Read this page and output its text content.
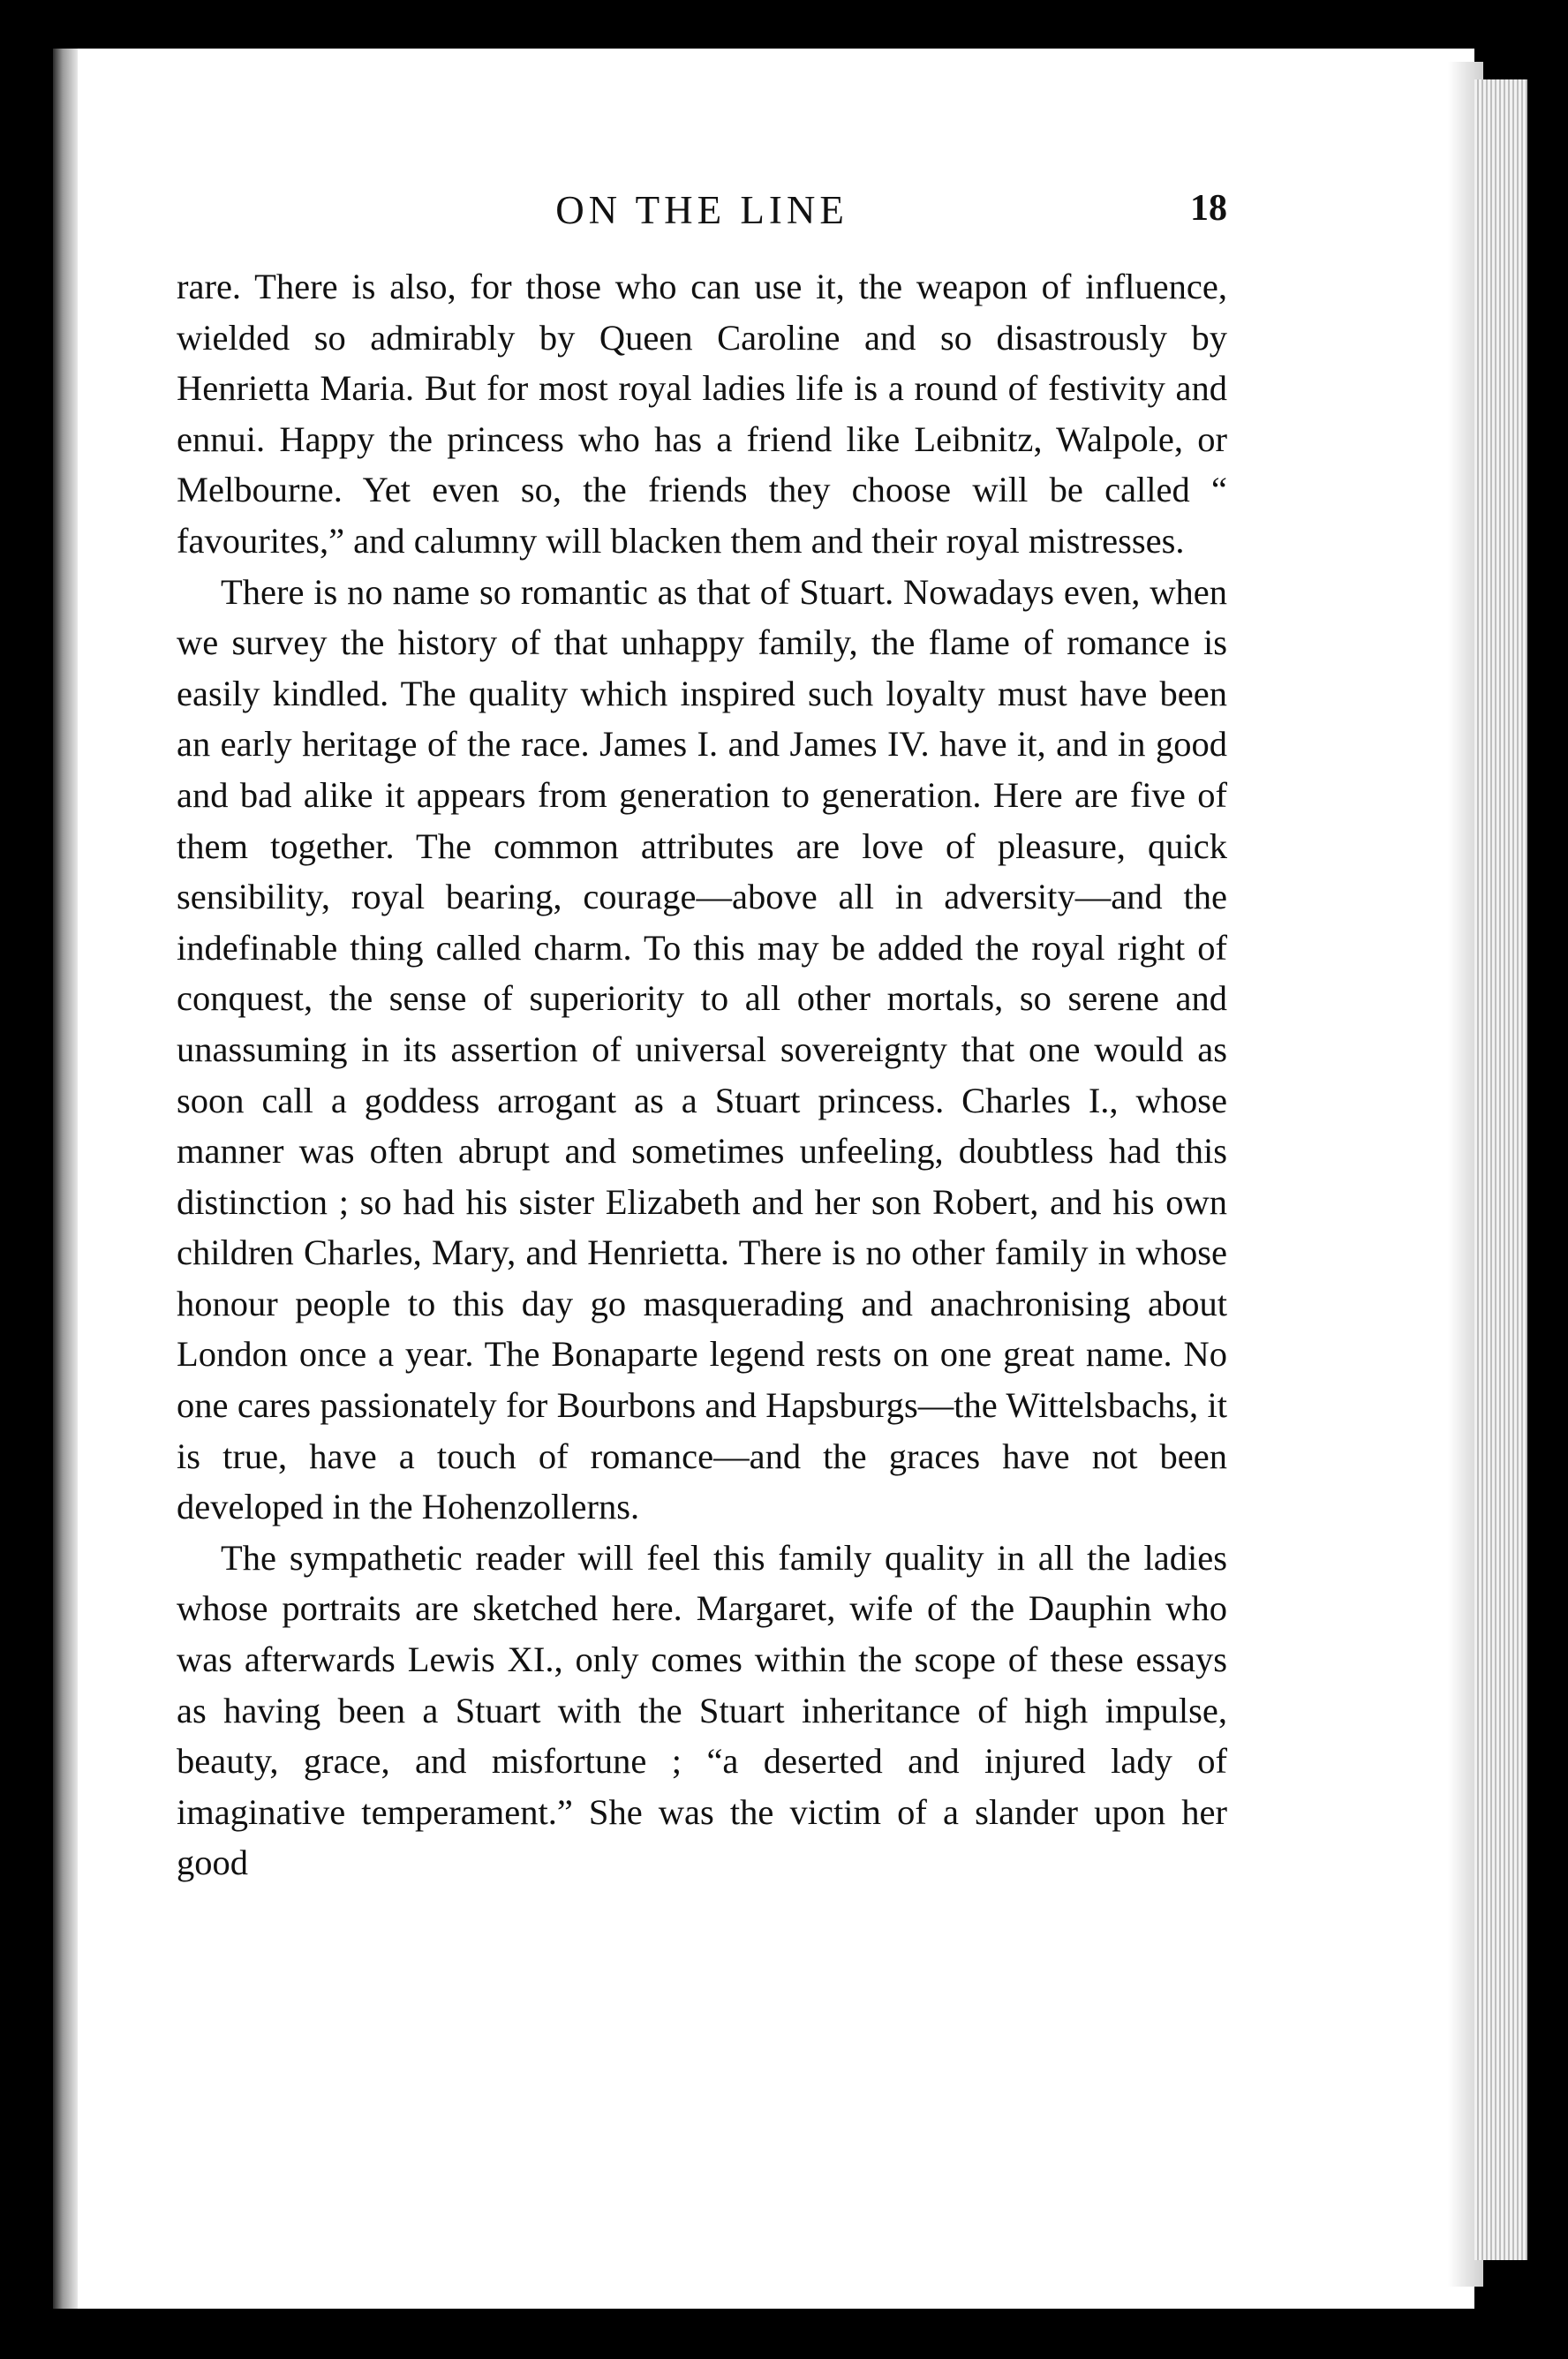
ON THE LINE	18

rare. There is also, for those who can use it, the weapon of influence, wielded so admirably by Queen Caroline and so disastrously by Henrietta Maria. But for most royal ladies life is a round of festivity and ennui. Happy the princess who has a friend like Leibnitz, Walpole, or Melbourne. Yet even so, the friends they choose will be called “ favourites,” and calumny will blacken them and their royal mistresses.

There is no name so romantic as that of Stuart. Nowadays even, when we survey the history of that unhappy family, the flame of romance is easily kindled. The quality which inspired such loyalty must have been an early heritage of the race. James I. and James IV. have it, and in good and bad alike it appears from generation to generation. Here are five of them together. The common attributes are love of pleasure, quick sensibility, royal bearing, courage—above all in adversity—and the indefinable thing called charm. To this may be added the royal right of conquest, the sense of superiority to all other mortals, so serene and unassuming in its assertion of universal sovereignty that one would as soon call a goddess arrogant as a Stuart princess. Charles I., whose manner was often abrupt and sometimes unfeeling, doubtless had this distinction ; so had his sister Elizabeth and her son Robert, and his own children Charles, Mary, and Henrietta. There is no other family in whose honour people to this day go masquerading and anachronising about London once a year. The Bonaparte legend rests on one great name. No one cares passionately for Bourbons and Hapsburgs—the Wittelsbachs, it is true, have a touch of romance—and the graces have not been developed in the Hohenzollerns.

The sympathetic reader will feel this family quality in all the ladies whose portraits are sketched here. Margaret, wife of the Dauphin who was afterwards Lewis XI., only comes within the scope of these essays as having been a Stuart with the Stuart inheritance of high impulse, beauty, grace, and misfortune ; “a deserted and injured lady of imaginative temperament.” She was the victim of a slander upon her good
